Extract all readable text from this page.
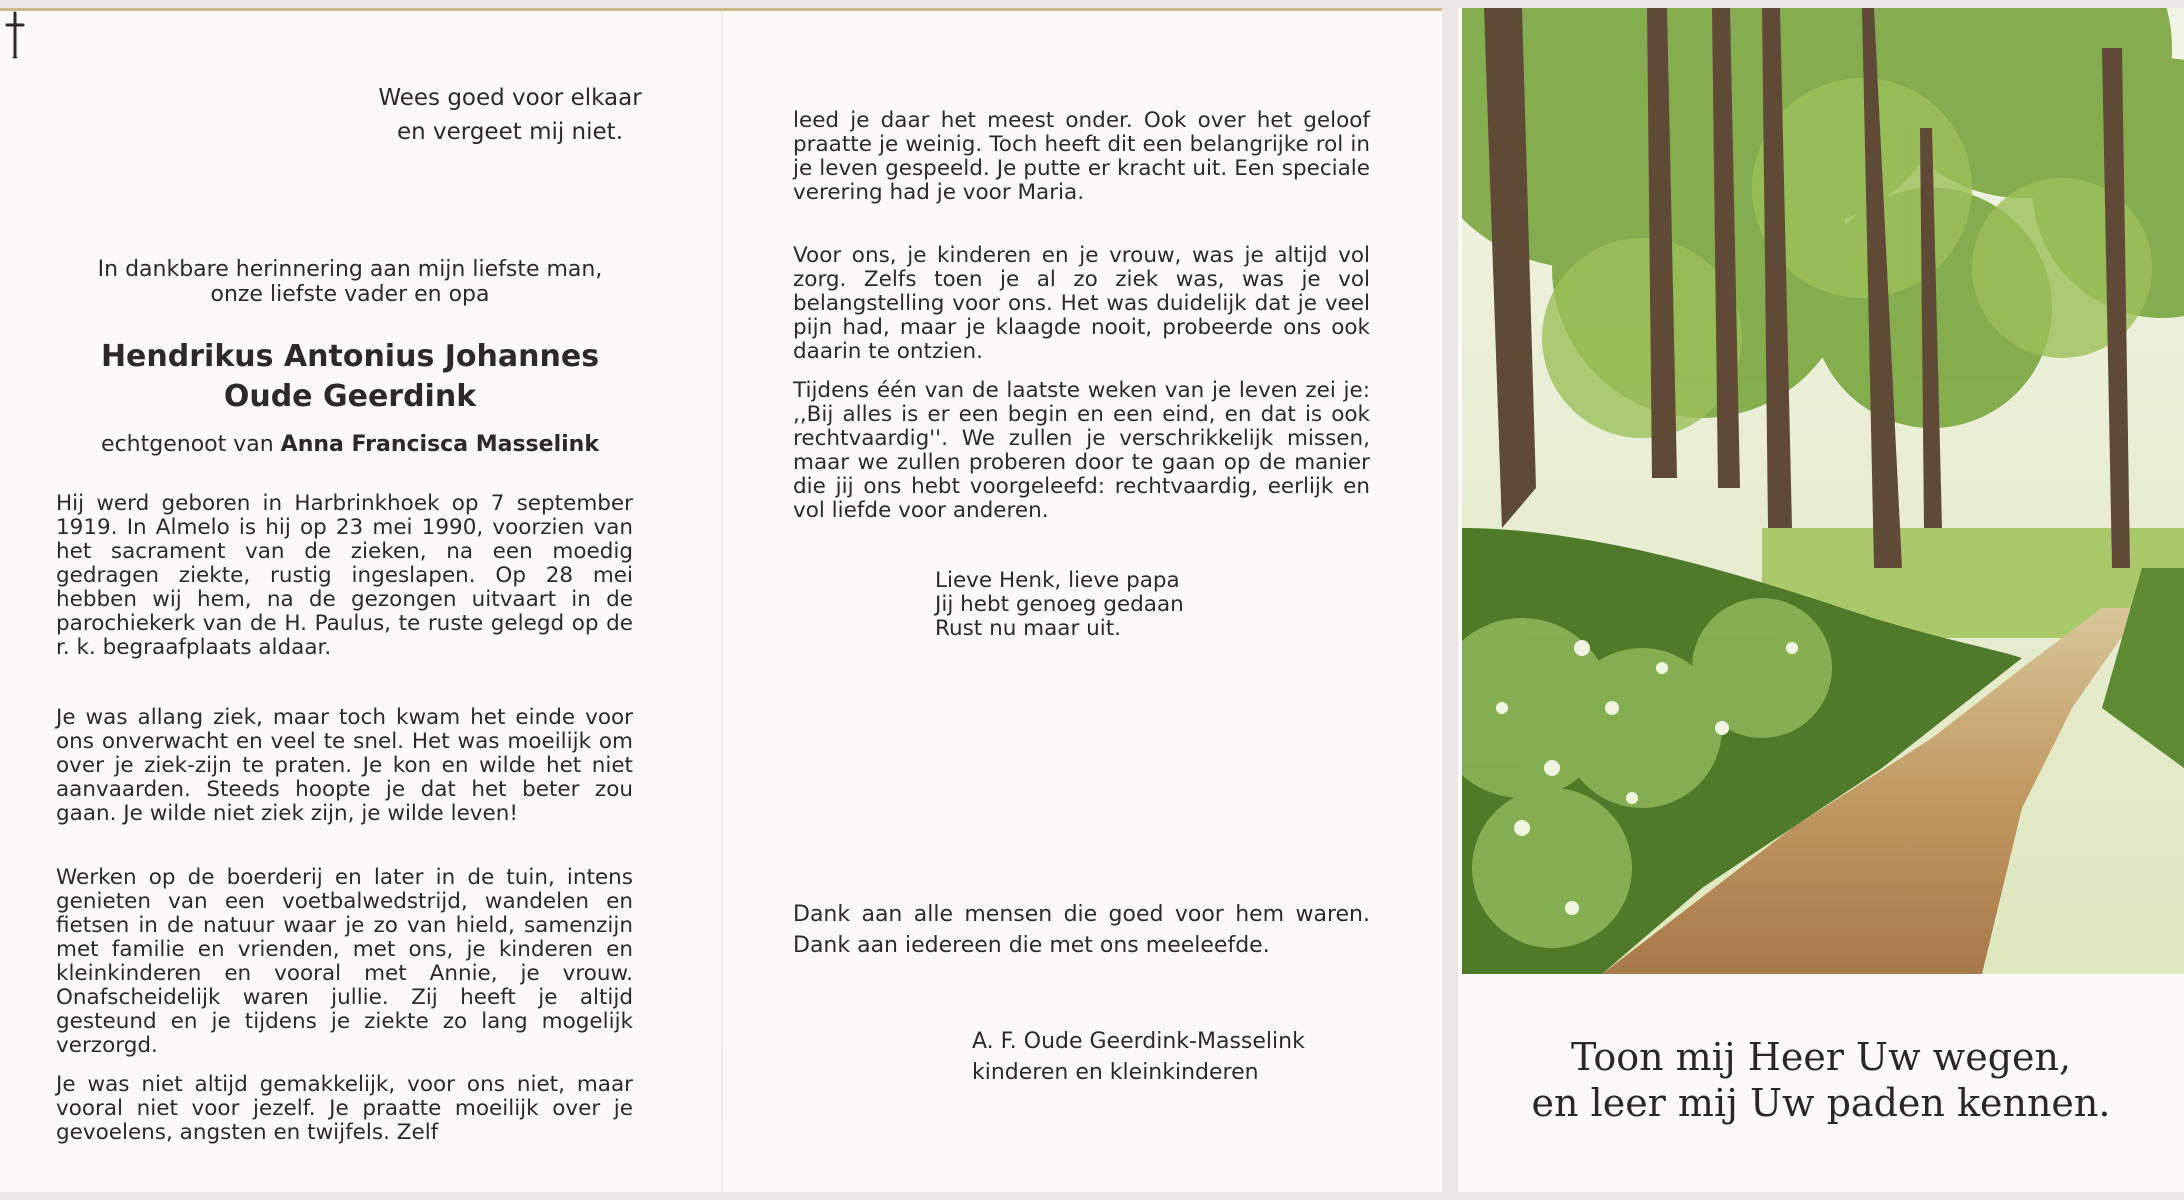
Wees goed voor elkaar
en vergeet mij niet.
In dankbare herinnering aan mijn liefste man,
onze liefste vader en opa
Hendrikus Antonius Johannes
Oude Geerdink
echtgenoot van Anna Francisca Masselink

Hij werd geboren in Harbrinkhoek op 7 september 1919. In Almelo is hij op 23 mei 1990, voorzien van het sacrament van de zieken, na een moedig gedragen ziekte, rustig ingeslapen. Op 28 mei hebben wij hem, na de gezongen uitvaart in de parochiekerk van de H. Paulus, te ruste gelegd op de r. k. begraafplaats aldaar.

Je was allang ziek, maar toch kwam het einde voor ons onverwacht en veel te snel. Het was moeilijk om over je ziek-zijn te praten. Je kon en wilde het niet aanvaarden. Steeds hoopte je dat het beter zou gaan. Je wilde niet ziek zijn, je wilde leven!

Werken op de boerderij en later in de tuin, intens genieten van een voetbalwedstrijd, wandelen en fietsen in de natuur waar je zo van hield, samenzijn met familie en vrienden, met ons, je kinderen en kleinkinderen en vooral met Annie, je vrouw. Onafscheidelijk waren jullie. Zij heeft je altijd gesteund en je tijdens je ziekte zo lang mogelijk verzorgd.

Je was niet altijd gemakkelijk, voor ons niet, maar vooral niet voor jezelf. Je praatte moeilijk over je gevoelens, angsten en twijfels. Zelf

leed je daar het meest onder. Ook over het geloof praatte je weinig. Toch heeft dit een belangrijke rol in je leven gespeeld. Je putte er kracht uit. Een speciale verering had je voor Maria.

Voor ons, je kinderen en je vrouw, was je altijd vol zorg. Zelfs toen je al zo ziek was, was je vol belangstelling voor ons. Het was duidelijk dat je veel pijn had, maar je klaagde nooit, probeerde ons ook daarin te ontzien.

Tijdens één van de laatste weken van je leven zei je: ,,Bij alles is er een begin en een eind, en dat is ook rechtvaardig''. We zullen je verschrikkelijk missen, maar we zullen proberen door te gaan op de manier die jij ons hebt voorgeleefd: rechtvaardig, eerlijk en vol liefde voor anderen.

Lieve Henk, lieve papa
Jij hebt genoeg gedaan
Rust nu maar uit.

Dank aan alle mensen die goed voor hem waren. Dank aan iedereen die met ons meeleefde.

A. F. Oude Geerdink-Masselink
kinderen en kleinkinderen	Toon mij Heer Uw wegen,
en leer mij Uw paden kennen.
